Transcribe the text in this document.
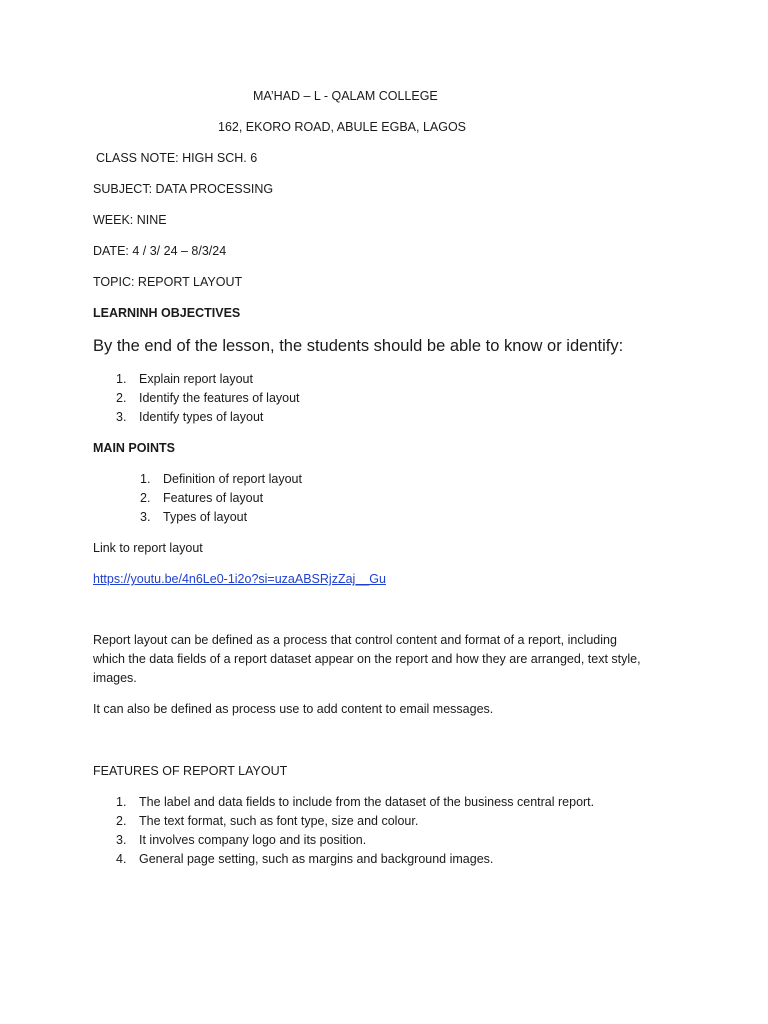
MA’HAD – L - QALAM COLLEGE
162, EKORO ROAD, ABULE EGBA, LAGOS
CLASS NOTE: HIGH SCH. 6
SUBJECT: DATA PROCESSING
WEEK: NINE
DATE: 4 / 3/ 24 – 8/3/24
TOPIC: REPORT LAYOUT
LEARNINH OBJECTIVES
By the end of the lesson, the students should be able to know or identify:
1. Explain report layout
2. Identify the features of layout
3. Identify types of layout
MAIN POINTS
1. Definition of report layout
2. Features of layout
3. Types of layout
Link to report layout
https://youtu.be/4n6Le0-1i2o?si=uzaABSRjzZaj__Gu
Report layout can be defined as a process that control content and format of a report, including
which the data fields of a report dataset appear on the report and how they are arranged, text style,
images.
It can also be defined as process use to add content to email messages.
FEATURES OF REPORT LAYOUT
1. The label and data fields to include from the dataset of the business central report.
2. The text format, such as font type, size and colour.
3. It involves company logo and its position.
4. General page setting, such as margins and background images.
